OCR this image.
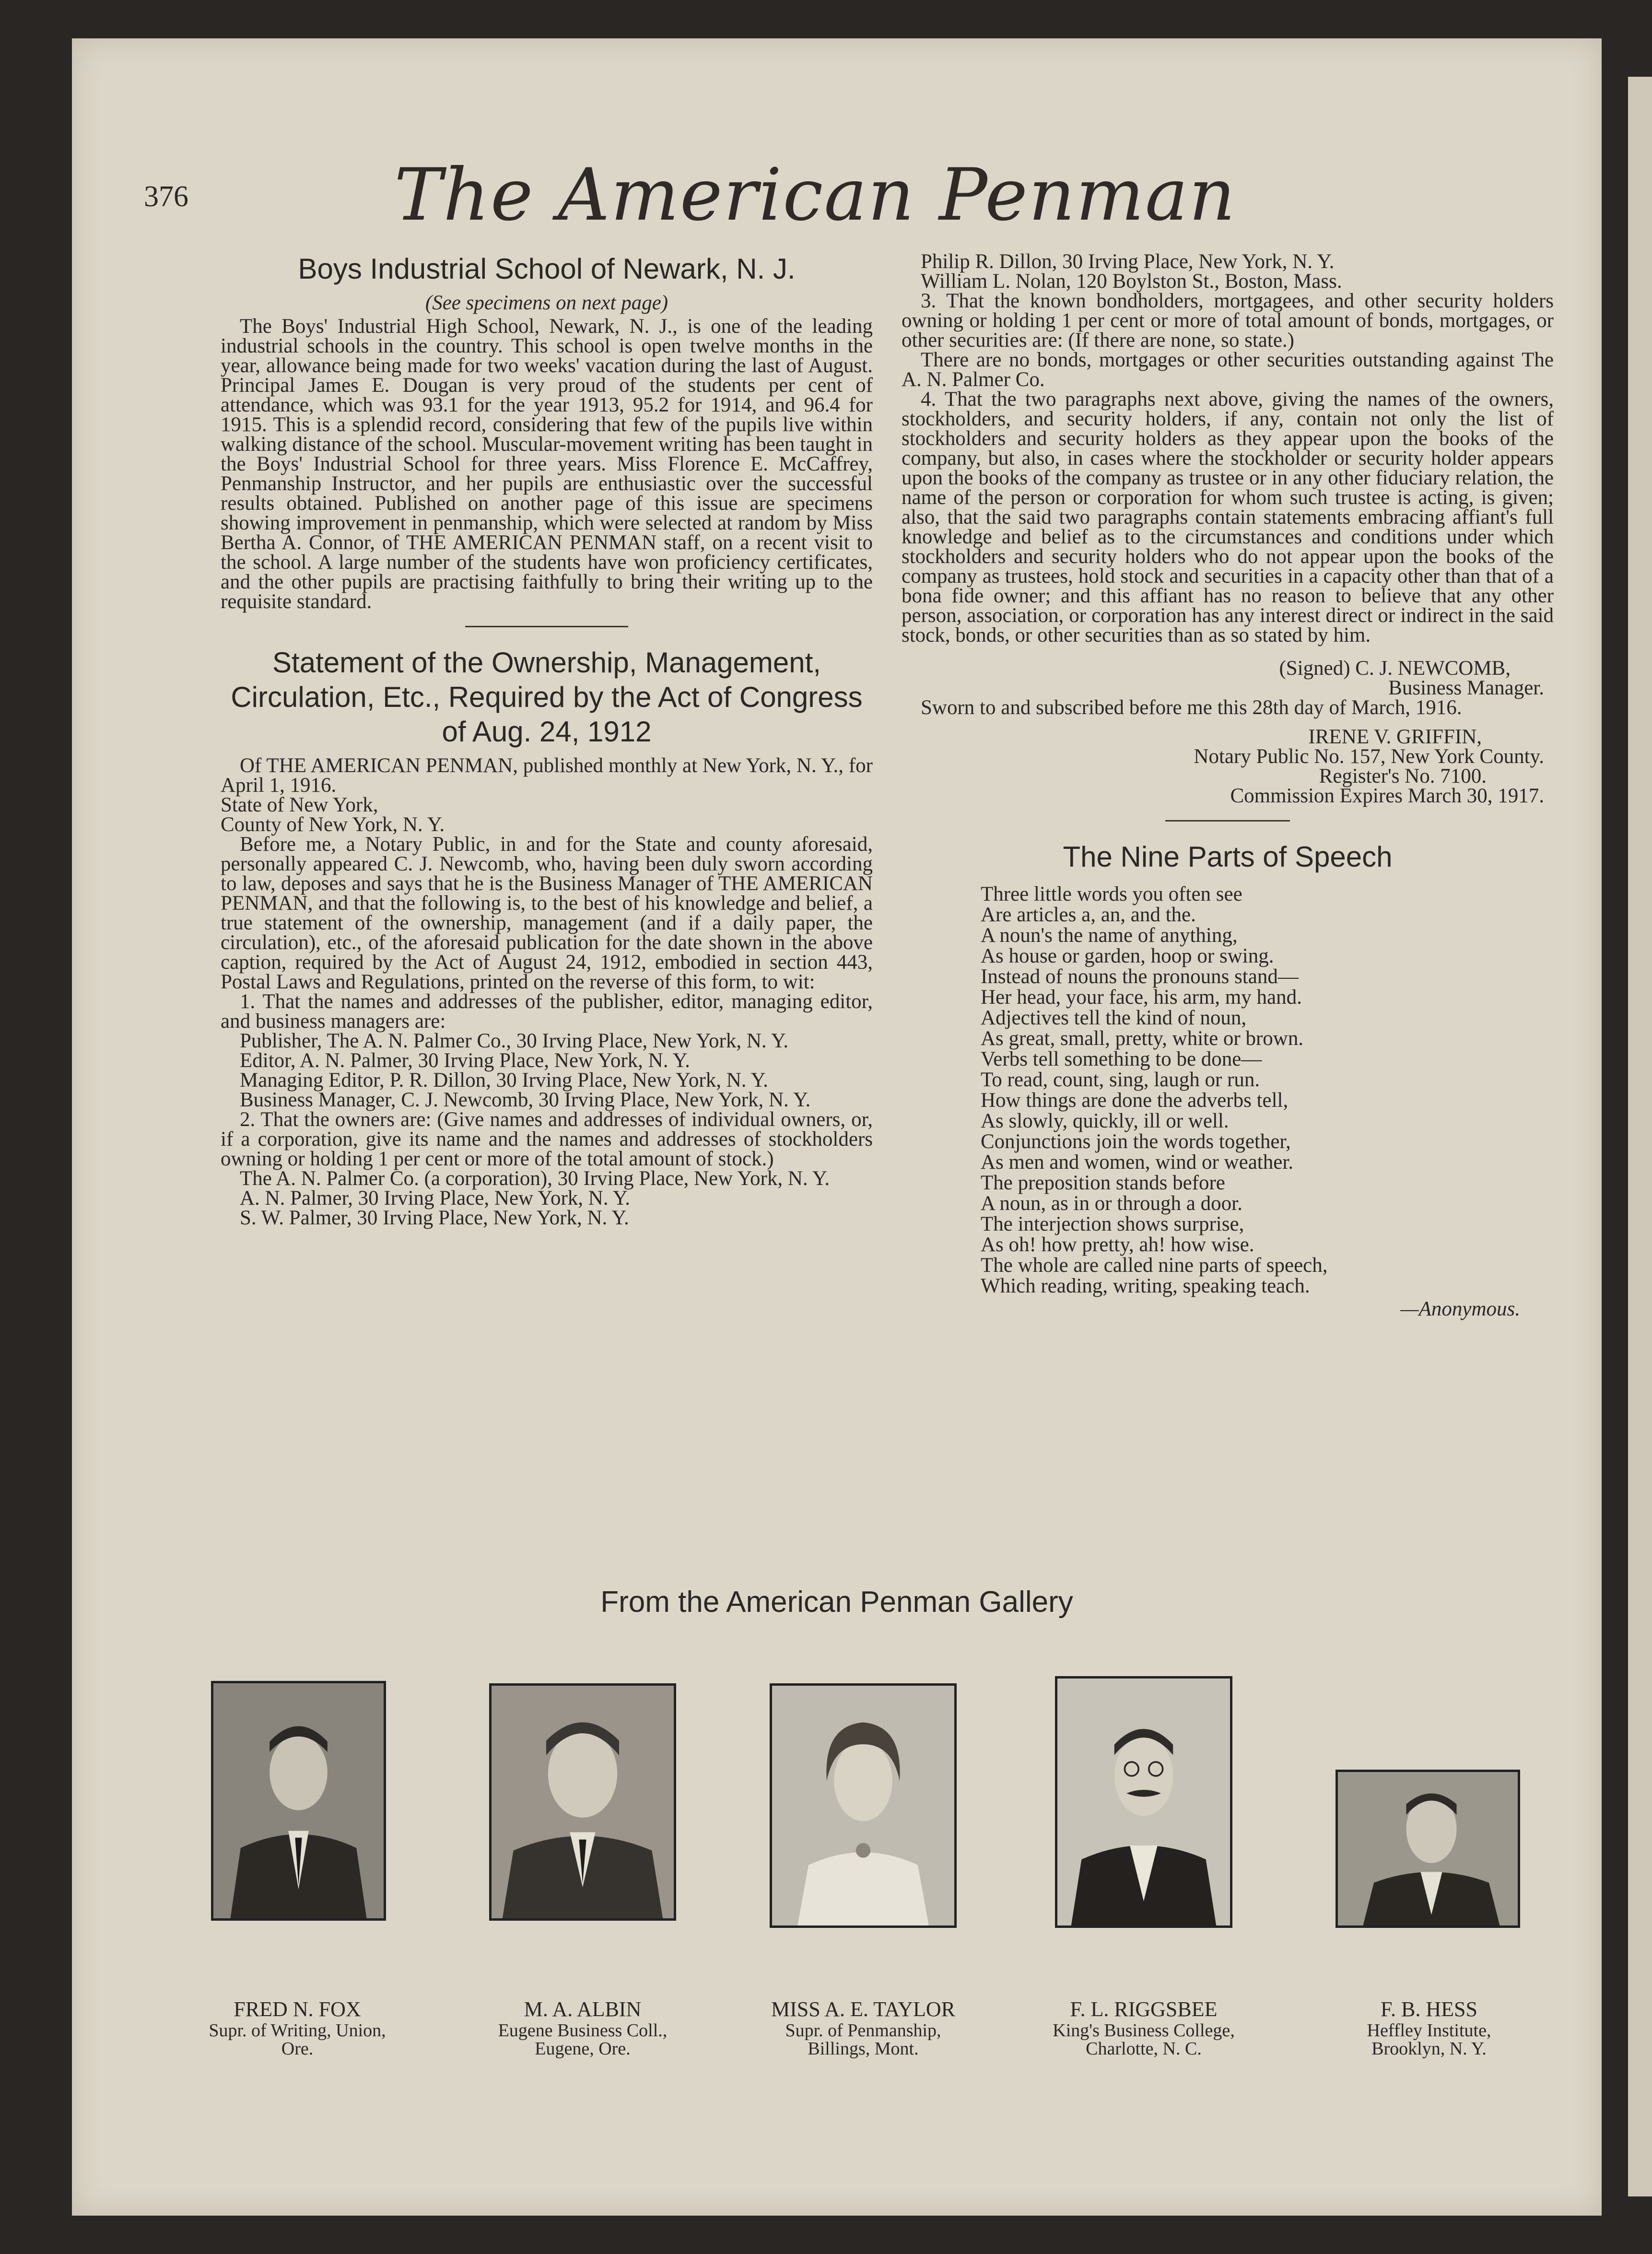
376	The American Penman
Boys Industrial School of Newark, N. J.
(See specimens on next page)

The Boys' Industrial High School, Newark, N. J., is one of the leading industrial schools in the country. This school is open twelve months in the year, allowance being made for two weeks' vacation during the last of August. Principal James E. Dougan is very proud of the students per cent of attendance, which was 93.1 for the year 1913, 95.2 for 1914, and 96.4 for 1915. This is a splendid record, considering that few of the pupils live within walking distance of the school. Muscular-movement writing has been taught in the Boys' Industrial School for three years. Miss Florence E. McCaffrey, Penmanship Instructor, and her pupils are enthusiastic over the successful results obtained. Published on another page of this issue are specimens showing improvement in penmanship, which were selected at random by Miss Bertha A. Connor, of THE AMERICAN PENMAN staff, on a recent visit to the school. A large number of the students have won proficiency certificates, and the other pupils are practising faithfully to bring their writing up to the requisite standard.

Statement of the Ownership, Management, Circulation, Etc., Required by the Act of Congress of Aug. 24, 1912

Of THE AMERICAN PENMAN, published monthly at New York, N. Y., for April 1, 1916.

State of New York,

County of New York, N. Y.

Before me, a Notary Public, in and for the State and county aforesaid, personally appeared C. J. Newcomb, who, having been duly sworn according to law, deposes and says that he is the Business Manager of THE AMERICAN PENMAN, and that the following is, to the best of his knowledge and belief, a true statement of the ownership, management (and if a daily paper, the circulation), etc., of the aforesaid publication for the date shown in the above caption, required by the Act of August 24, 1912, embodied in section 443, Postal Laws and Regulations, printed on the reverse of this form, to wit:

1. That the names and addresses of the publisher, editor, managing editor, and business managers are:

Publisher, The A. N. Palmer Co., 30 Irving Place, New York, N. Y.

Editor, A. N. Palmer, 30 Irving Place, New York, N. Y.

Managing Editor, P. R. Dillon, 30 Irving Place, New York, N. Y.

Business Manager, C. J. Newcomb, 30 Irving Place, New York, N. Y.

2. That the owners are: (Give names and addresses of individual owners, or, if a corporation, give its name and the names and addresses of stockholders owning or holding 1 per cent or more of the total amount of stock.)

The A. N. Palmer Co. (a corporation), 30 Irving Place, New York, N. Y.

A. N. Palmer, 30 Irving Place, New York, N. Y.

S. W. Palmer, 30 Irving Place, New York, N. Y.

Philip R. Dillon, 30 Irving Place, New York, N. Y.

William L. Nolan, 120 Boylston St., Boston, Mass.

3. That the known bondholders, mortgagees, and other security holders owning or holding 1 per cent or more of total amount of bonds, mortgages, or other securities are: (If there are none, so state.)

There are no bonds, mortgages or other securities outstanding against The A. N. Palmer Co.

4. That the two paragraphs next above, giving the names of the owners, stockholders, and security holders, if any, contain not only the list of stockholders and security holders as they appear upon the books of the company, but also, in cases where the stockholder or security holder appears upon the books of the company as trustee or in any other fiduciary relation, the name of the person or corporation for whom such trustee is acting, is given; also, that the said two paragraphs contain statements embracing affiant's full knowledge and belief as to the circumstances and conditions under which stockholders and security holders who do not appear upon the books of the company as trustees, hold stock and securities in a capacity other than that of a bona fide owner; and this affiant has no reason to believe that any other person, association, or corporation has any interest direct or indirect in the said stock, bonds, or other securities than as so stated by him.

(Signed) C. J. NEWCOMB,

Business Manager.

Sworn to and subscribed before me this 28th day of March, 1916.

IRENE V. GRIFFIN,

Notary Public No. 157, New York County.

Register's No. 7100.

Commission Expires March 30, 1917.

The Nine Parts of Speech
Three little words you often see
Are articles a, an, and the.
A noun's the name of anything,
As house or garden, hoop or swing.
Instead of nouns the pronouns stand—
Her head, your face, his arm, my hand.
Adjectives tell the kind of noun,
As great, small, pretty, white or brown.
Verbs tell something to be done—
To read, count, sing, laugh or run.
How things are done the adverbs tell,
As slowly, quickly, ill or well.
Conjunctions join the words together,
As men and women, wind or weather.
The preposition stands before
A noun, as in or through a door.
The interjection shows surprise,
As oh! how pretty, ah! how wise.
The whole are called nine parts of speech,
Which reading, writing, speaking teach.
—Anonymous.
From the American Penman Gallery
FRED N. FOX
Supr. of Writing, Union,
Ore.
M. A. ALBIN
Eugene Business Coll.,
Eugene, Ore.
MISS A. E. TAYLOR
Supr. of Penmanship,
Billings, Mont.
F. L. RIGGSBEE
King's Business College,
Charlotte, N. C.
F. B. HESS
Heffley Institute,
Brooklyn, N. Y.
